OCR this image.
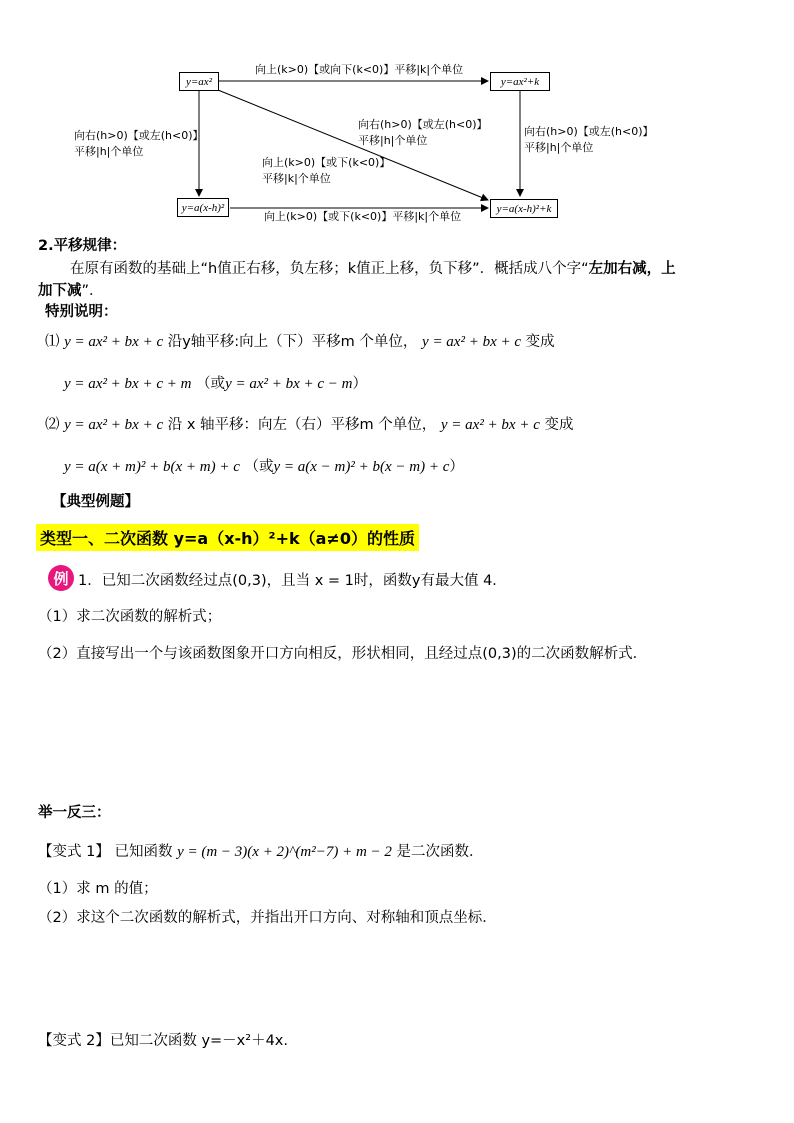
y=ax²	y=ax²+k
y=a(x-h)²	y=a(x-h)²+k
向上(k>0)【或向下(k<0)】平移|k|个单位
向上(k>0)【或下(k<0)】平移|k|个单位
向右(h>0)【或左(h<0)】
平移|h|个单位
向右(h>0)【或左(h<0)】
平移|h|个单位
向右(h>0)【或左(h<0)】
平移|h|个单位
向上(k>0)【或下(k<0)】
平移|k|个单位
2.平移规律：
在原有函数的基础上“h值正右移，负左移；k值正上移，负下移”．概括成八个字“左加右减，上
加下减”．
特别说明：
⑴ y = ax² + bx + c 沿y轴平移:向上（下）平移m 个单位， y = ax² + bx + c 变成
y = ax² + bx + c + m （或y = ax² + bx + c − m）
⑵ y = ax² + bx + c 沿 x 轴平移：向左（右）平移m 个单位， y = ax² + bx + c 变成
y = a(x + m)² + b(x + m) + c （或y = a(x − m)² + b(x − m) + c）
【典型例题】
类型一、二次函数 y=a（x-h）²+k（a≠0）的性质
例 1．已知二次函数经过点(0,3)，且当 x = 1时，函数y有最大值 4．
（1）求二次函数的解析式；
（2）直接写出一个与该函数图象开口方向相反，形状相同，且经过点(0,3)的二次函数解析式．
举一反三：
【变式 1】 已知函数 y = (m − 3)(x + 2)^(m²−7) + m − 2 是二次函数．
（1）求 m 的值；
（2）求这个二次函数的解析式，并指出开口方向、对称轴和顶点坐标．
【变式 2】已知二次函数 y=－x²＋4x.
